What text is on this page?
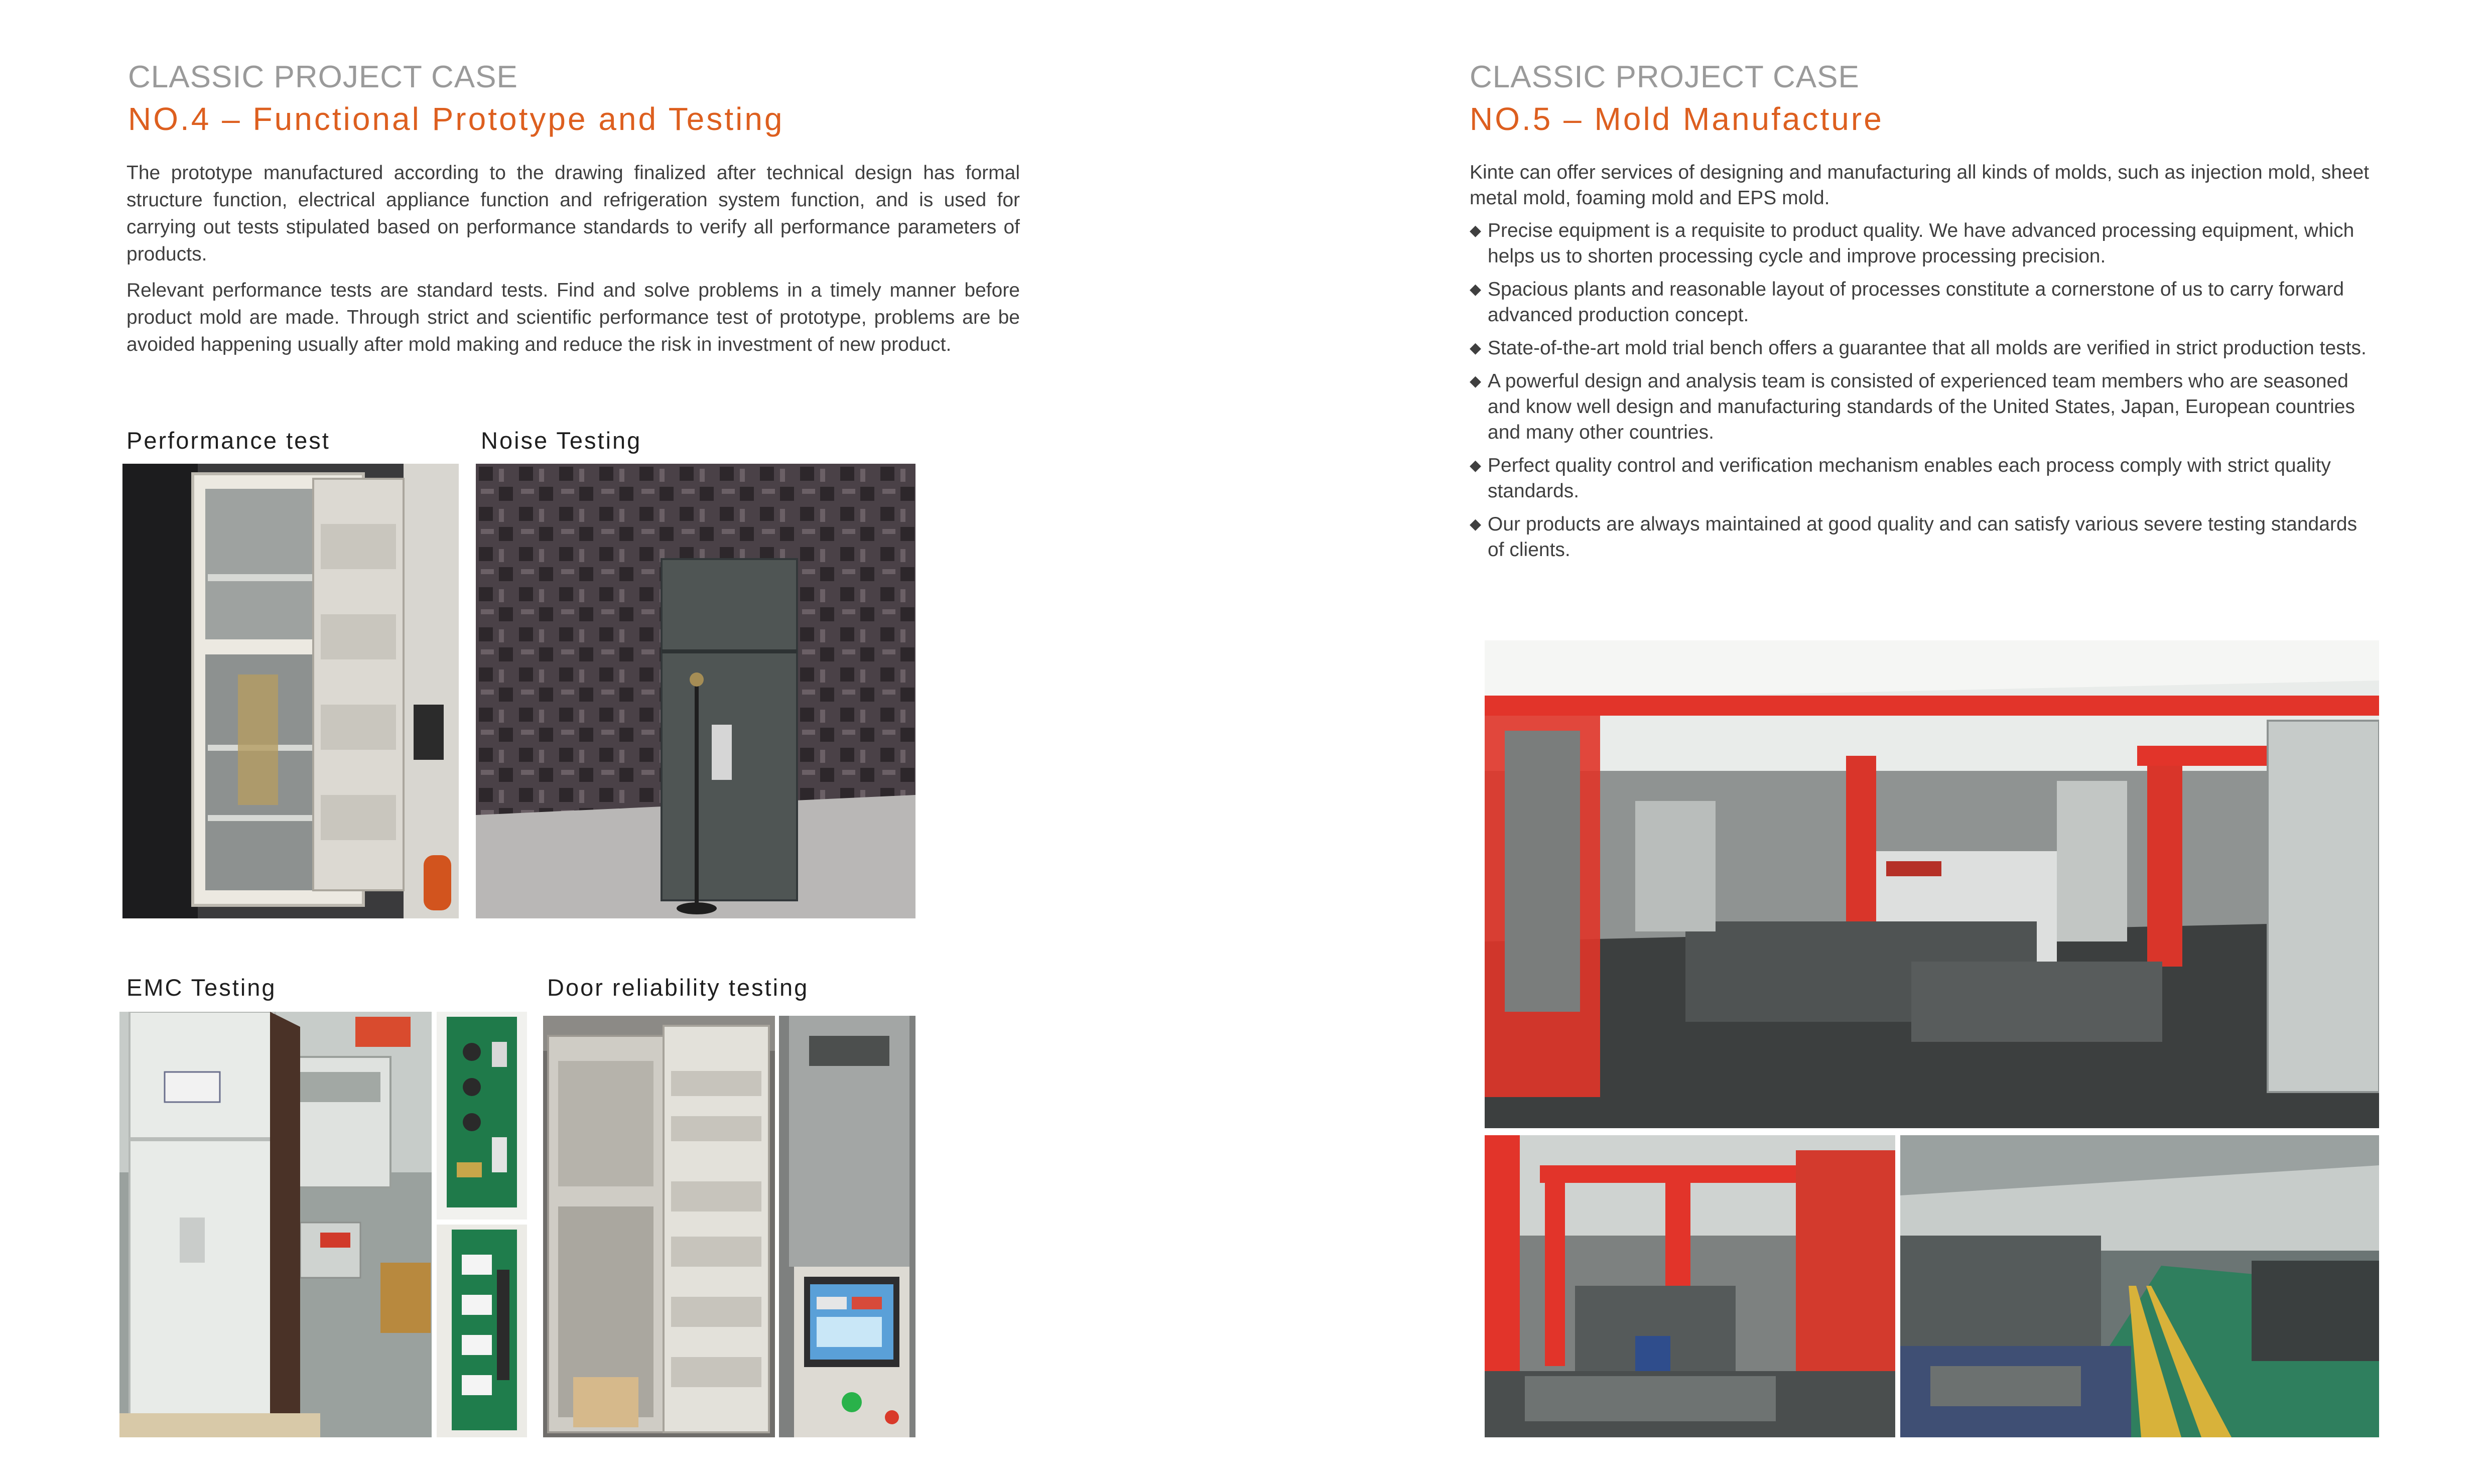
CLASSIC PROJECT CASE
NO.4 – Functional Prototype and Testing

The prototype manufactured according to the drawing finalized after technical design has formal structure function, electrical appliance function and refrigeration system function, and is used for carrying out tests stipulated based on performance standards to verify all performance parameters of products.

Relevant performance tests are standard tests. Find and solve problems in a timely manner before product mold are made. Through strict and scientific performance test of prototype, problems are be avoided happening usually after mold making and reduce the risk in investment of new product.

Performance test	Noise Testing
EMC Testing	Door reliability testing
CLASSIC PROJECT CASE
NO.5 – Mold Manufacture

Kinte can offer services of designing and manufacturing all kinds of molds, such as injection mold, sheet metal mold, foaming mold and EPS mold.

◆ Precise equipment is a requisite to product quality. We have advanced processing equipment, which helps us to shorten processing cycle and improve processing precision.
◆ Spacious plants and reasonable layout of processes constitute a cornerstone of us to carry forward advanced production concept.
◆ State-of-the-art mold trial bench offers a guarantee that all molds are verified in strict production tests.
◆ A powerful design and analysis team is consisted of experienced team members who are seasoned and know well design and manufacturing standards of the United States, Japan, European countries and many other countries.
◆ Perfect quality control and verification mechanism enables each process comply with strict quality standards.
◆ Our products are always maintained at good quality and can satisfy various severe testing standards of clients.
